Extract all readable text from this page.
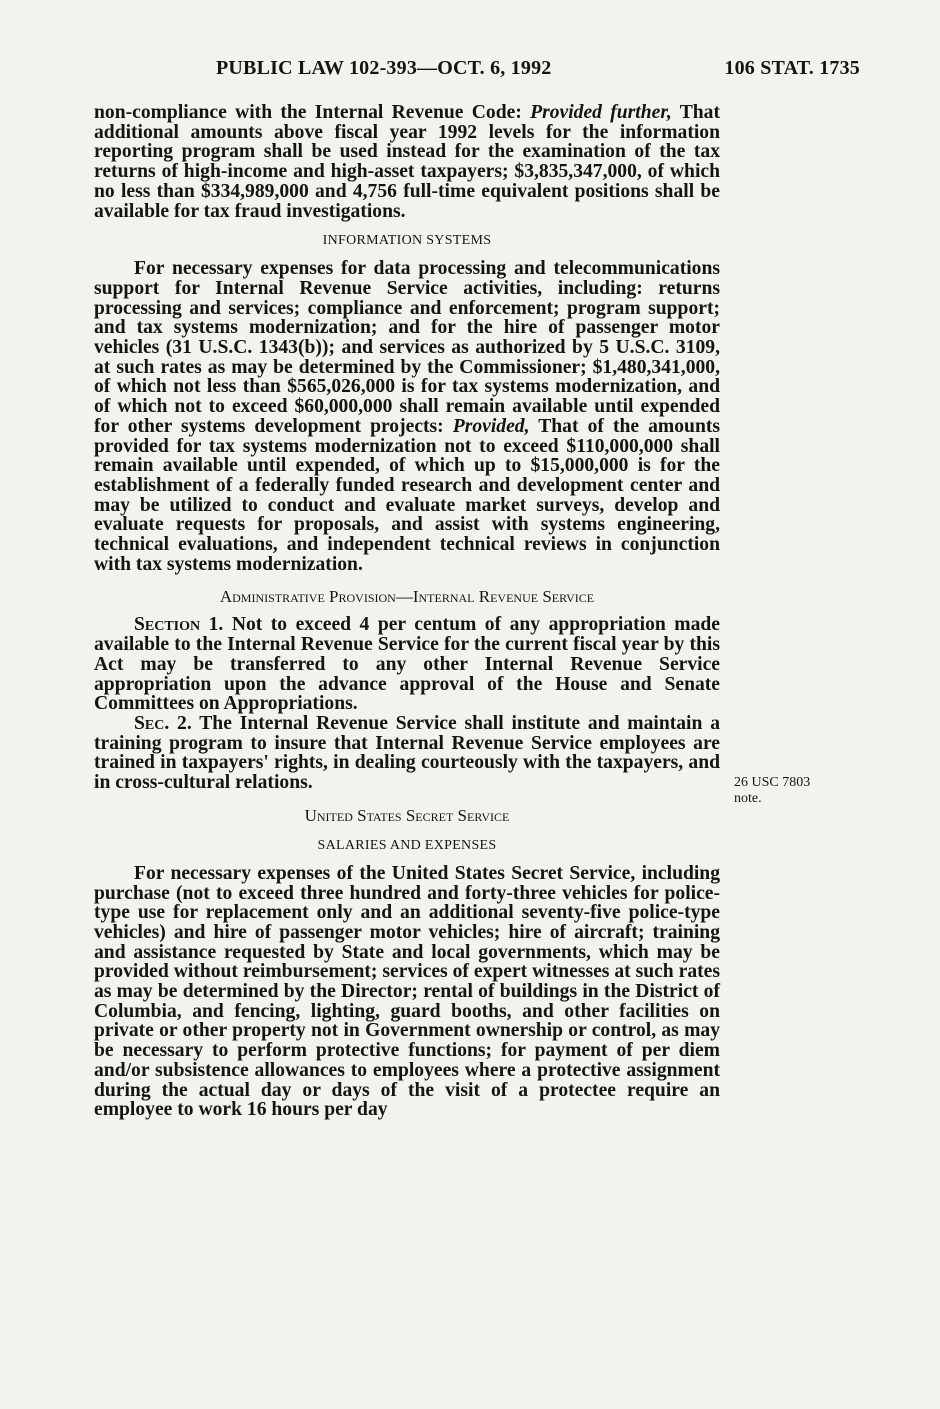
PUBLIC LAW 102-393—OCT. 6, 1992	106 STAT. 1735

non-compliance with the Internal Revenue Code: Provided further, That additional amounts above fiscal year 1992 levels for the information reporting program shall be used instead for the examination of the tax returns of high-income and high-asset taxpayers; $3,835,347,000, of which no less than $334,989,000 and 4,756 full-time equivalent positions shall be available for tax fraud investigations.

INFORMATION SYSTEMS

For necessary expenses for data processing and telecommunications support for Internal Revenue Service activities, including: returns processing and services; compliance and enforcement; program support; and tax systems modernization; and for the hire of passenger motor vehicles (31 U.S.C. 1343(b)); and services as authorized by 5 U.S.C. 3109, at such rates as may be determined by the Commissioner; $1,480,341,000, of which not less than $565,026,000 is for tax systems modernization, and of which not to exceed $60,000,000 shall remain available until expended for other systems development projects: Provided, That of the amounts provided for tax systems modernization not to exceed $110,000,000 shall remain available until expended, of which up to $15,000,000 is for the establishment of a federally funded research and development center and may be utilized to conduct and evaluate market surveys, develop and evaluate requests for proposals, and assist with systems engineering, technical evaluations, and independent technical reviews in conjunction with tax systems modernization.

Administrative Provision—Internal Revenue Service

Section 1. Not to exceed 4 per centum of any appropriation made available to the Internal Revenue Service for the current fiscal year by this Act may be transferred to any other Internal Revenue Service appropriation upon the advance approval of the House and Senate Committees on Appropriations.

Sec. 2. The Internal Revenue Service shall institute and maintain a training program to insure that Internal Revenue Service employees are trained in taxpayers' rights, in dealing courteously with the taxpayers, and in cross-cultural relations.

United States Secret Service
SALARIES AND EXPENSES

For necessary expenses of the United States Secret Service, including purchase (not to exceed three hundred and forty-three vehicles for police-type use for replacement only and an additional seventy-five police-type vehicles) and hire of passenger motor vehicles; hire of aircraft; training and assistance requested by State and local governments, which may be provided without reimbursement; services of expert witnesses at such rates as may be determined by the Director; rental of buildings in the District of Columbia, and fencing, lighting, guard booths, and other facilities on private or other property not in Government ownership or control, as may be necessary to perform protective functions; for payment of per diem and/or subsistence allowances to employees where a protective assignment during the actual day or days of the visit of a protectee require an employee to work 16 hours per day

26 USC 7803
note.
